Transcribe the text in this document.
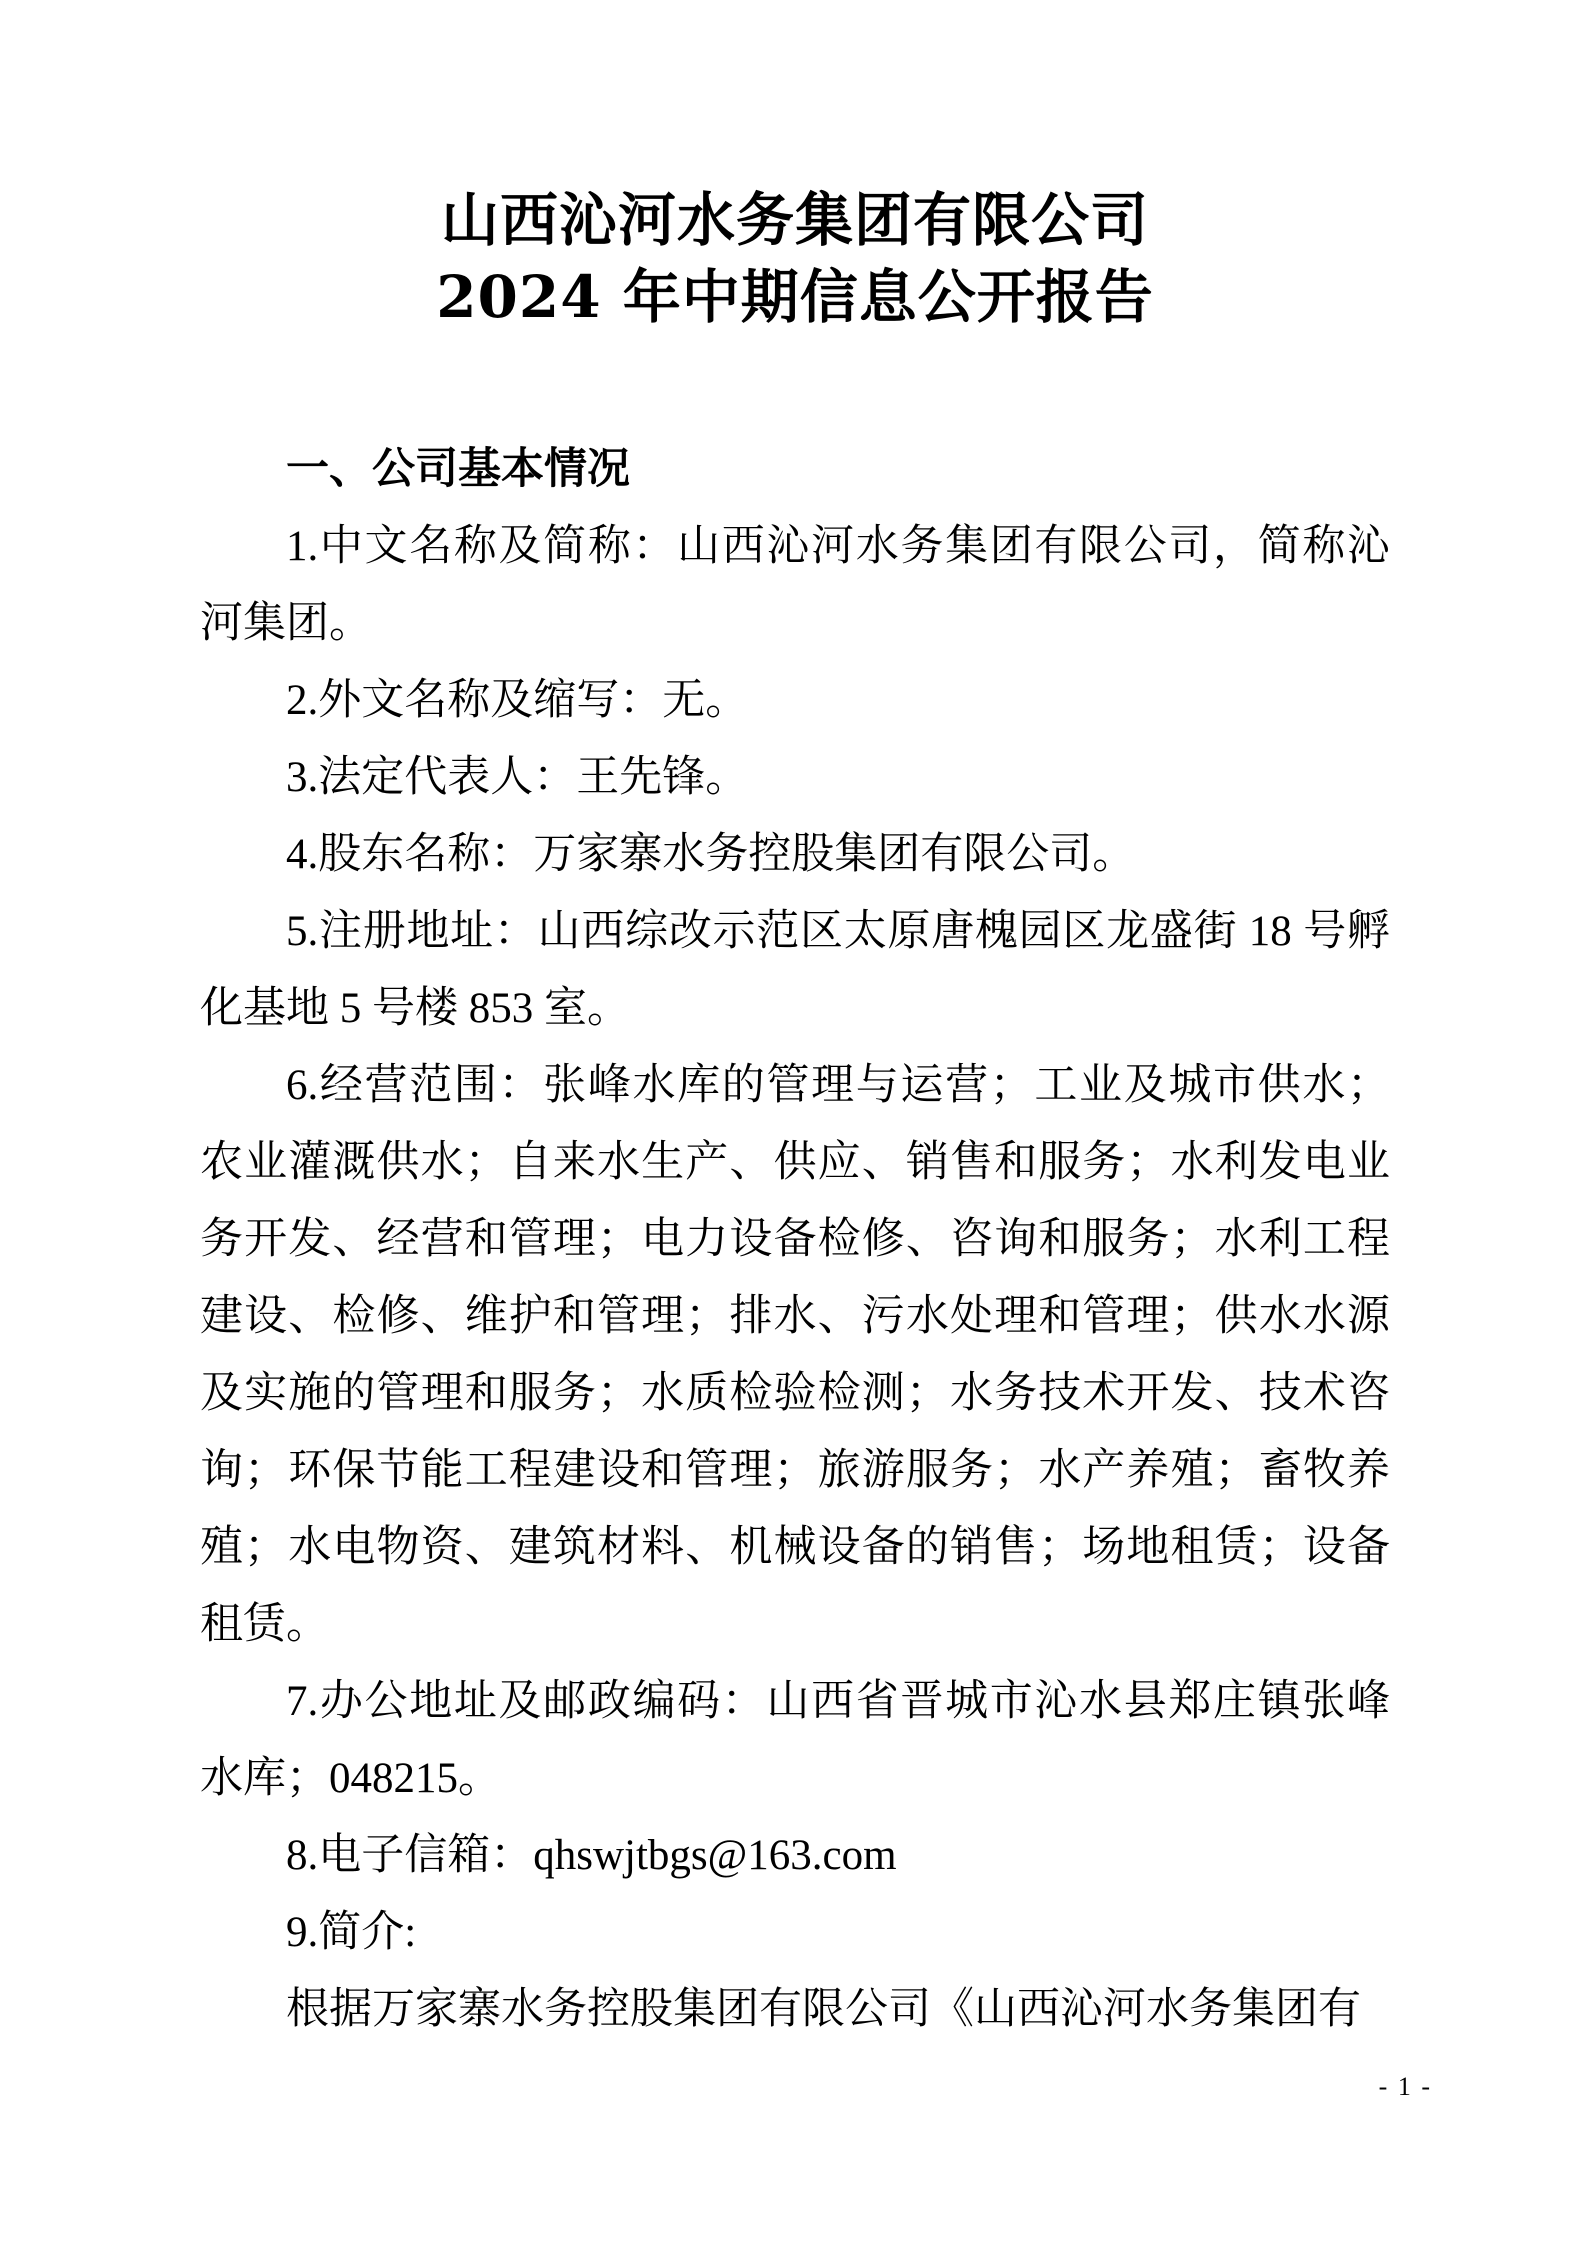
山西沁河水务集团有限公司
2024 年中期信息公开报告
一、公司基本情况

1.中文名称及简称：山西沁河水务集团有限公司，简称沁河集团。

2.外文名称及缩写：无。

3.法定代表人：王先锋。

4.股东名称：万家寨水务控股集团有限公司。

5.注册地址：山西综改示范区太原唐槐园区龙盛街 18 号孵化基地 5 号楼 853 室。

6.经营范围：张峰水库的管理与运营；工业及城市供水；农业灌溉供水；自来水生产、供应、销售和服务；水利发电业务开发、经营和管理；电力设备检修、咨询和服务；水利工程建设、检修、维护和管理；排水、污水处理和管理；供水水源及实施的管理和服务；水质检验检测；水务技术开发、技术咨询；环保节能工程建设和管理；旅游服务；水产养殖；畜牧养殖；水电物资、建筑材料、机械设备的销售；场地租赁；设备租赁。

7.办公地址及邮政编码：山西省晋城市沁水县郑庄镇张峰水库；048215。

8.电子信箱：qhswjtbgs@163.com

9.简介:

根据万家寨水务控股集团有限公司《山西沁河水务集团有

- 1 -
